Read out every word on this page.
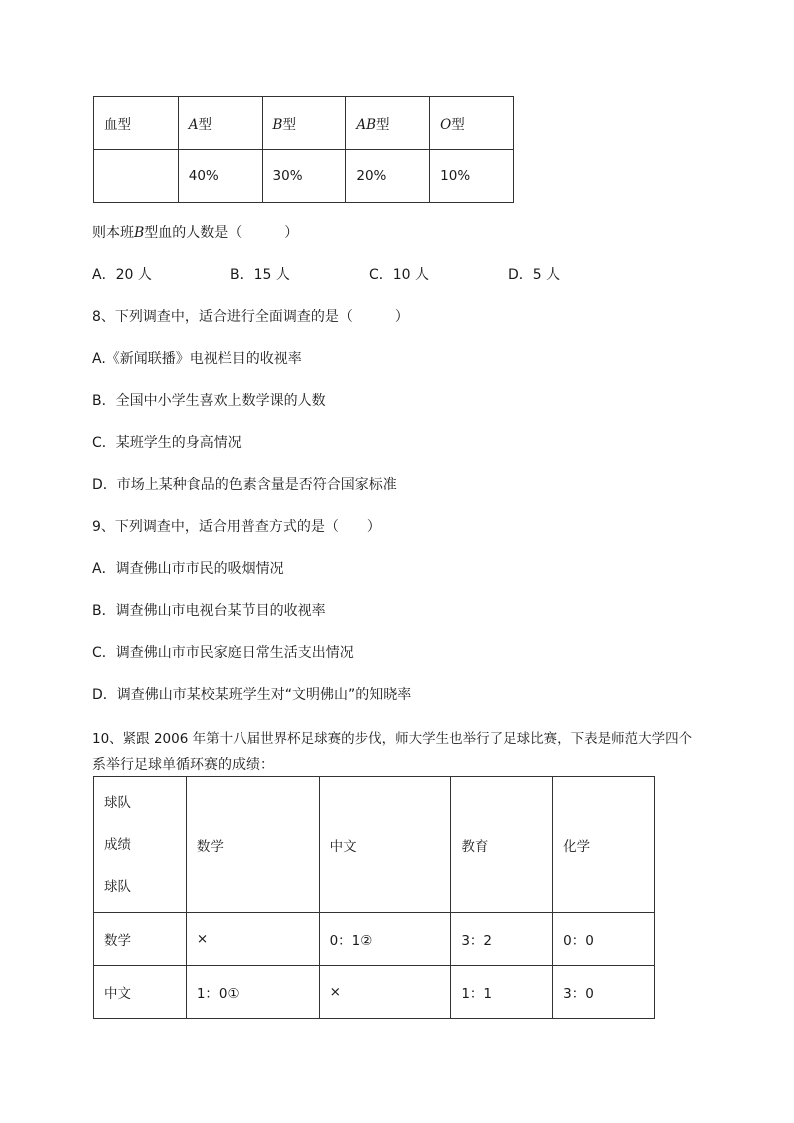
血型	A型	B型	AB型	O型
	40%	30%	20%	10%
则本班B型血的人数是（　　　）
A．20 人	B．15 人	C．10 人	D．5 人
8、下列调查中，适合进行全面调查的是（　　　）
A.《新闻联播》电视栏目的收视率
B．全国中小学生喜欢上数学课的人数
C．某班学生的身高情况
D．市场上某种食品的色素含量是否符合国家标准
9、下列调查中，适合用普查方式的是（　　）
A．调查佛山市市民的吸烟情况
B．调查佛山市电视台某节目的收视率
C．调查佛山市市民家庭日常生活支出情况
D．调查佛山市某校某班学生对“文明佛山”的知晓率
10、紧跟 2006 年第十八届世界杯足球赛的步伐，师大学生也举行了足球比赛，下表是师范大学四个
系举行足球单循环赛的成绩：
球队
成绩
球队	数学	中文	教育	化学
数学	×	0：1②	3：2	0：0
中文	1：0①	×	1：1	3：0
